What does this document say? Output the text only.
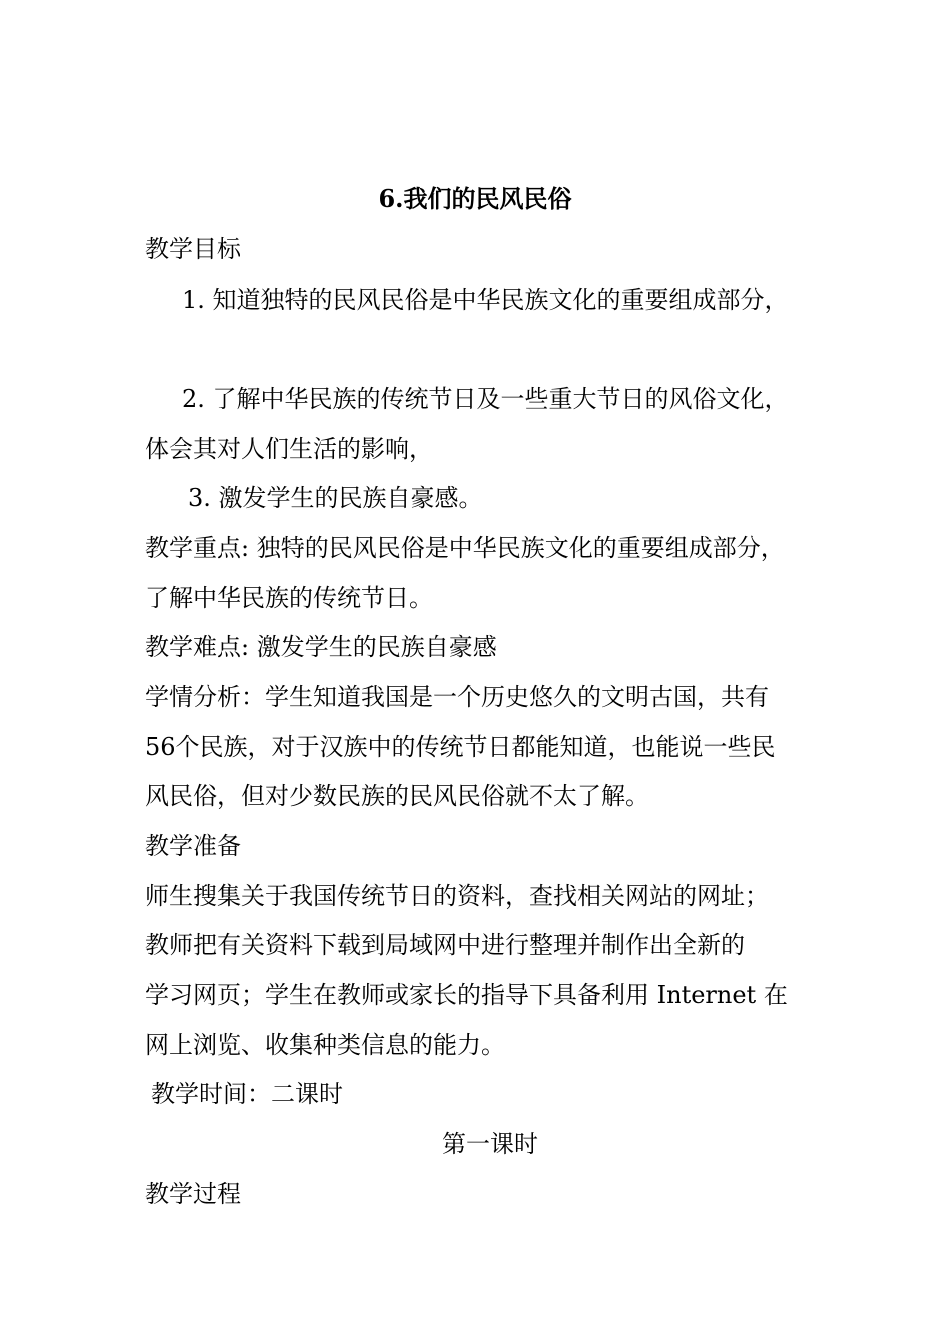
6.我们的民风民俗
教学目标
1. 知道独特的民风民俗是中华民族文化的重要组成部分，
2. 了解中华民族的传统节日及一些重大节日的风俗文化，
体会其对人们生活的影响，
3. 激发学生的民族自豪感。
教学重点: 独特的民风民俗是中华民族文化的重要组成部分，
了解中华民族的传统节日。
教学难点: 激发学生的民族自豪感
学情分析：学生知道我国是一个历史悠久的文明古国，共有
56个民族，对于汉族中的传统节日都能知道，也能说一些民
风民俗，但对少数民族的民风民俗就不太了解。
教学准备
师生搜集关于我国传统节日的资料，查找相关网站的网址；
教师把有关资料下载到局域网中进行整理并制作出全新的
学习网页；学生在教师或家长的指导下具备利用 Internet 在
网上浏览、收集种类信息的能力。
教学时间：二课时
第一课时
教学过程
